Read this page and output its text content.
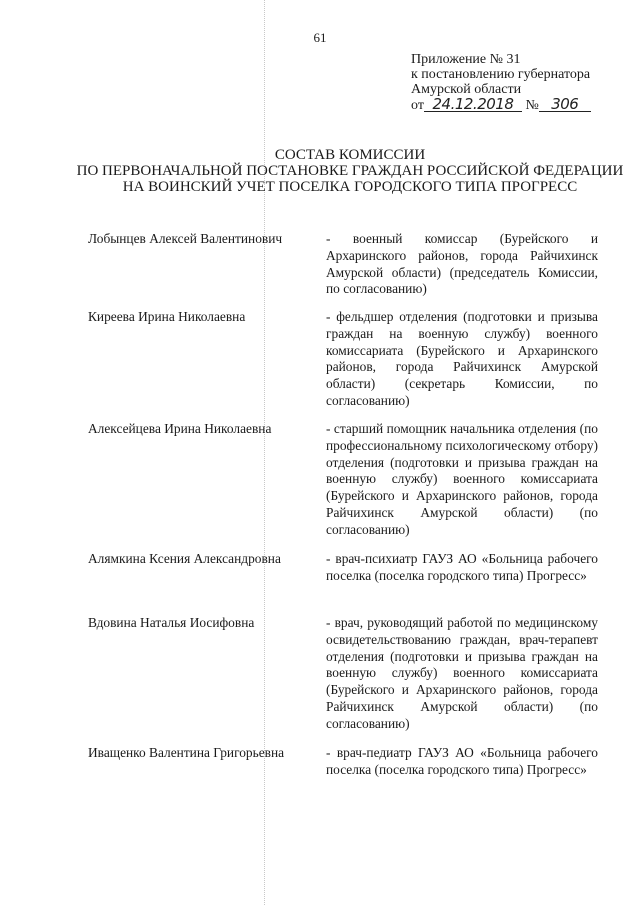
61
Приложение № 31
к постановлению губернатора
Амурской области
от 24.12.2018 № 306
СОСТАВ КОМИССИИ
ПО ПЕРВОНАЧАЛЬНОЙ ПОСТАНОВКЕ ГРАЖДАН РОССИЙСКОЙ ФЕДЕРАЦИИ
НА ВОИНСКИЙ УЧЕТ ПОСЕЛКА ГОРОДСКОГО ТИПА ПРОГРЕСС
Лобынцев Алексей Валентинович	- военный комиссар (Бурейского и Архаринского районов, города Райчихинск Амурской области) (председатель Комиссии, по согласованию)
Киреева Ирина Николаевна	- фельдшер отделения (подготовки и призыва граждан на военную службу) военного комиссариата (Бурейского и Архаринского районов, города Райчихинск Амурской области) (секретарь Комиссии, по согласованию)
Алексейцева Ирина Николаевна	- старший помощник начальника отделения (по профессиональному психологическому отбору) отделения (подготовки и призыва граждан на военную службу) военного комиссариата (Бурейского и Архаринского районов, города Райчихинск Амурской области) (по согласованию)
Алямкина Ксения Александровна	- врач-психиатр ГАУЗ АО «Больница рабочего поселка (поселка городского типа) Прогресс»
Вдовина Наталья Иосифовна	- врач, руководящий работой по медицинскому освидетельствованию граждан, врач-терапевт отделения (подготовки и призыва граждан на военную службу) военного комиссариата (Бурейского и Архаринского районов, города Райчихинск Амурской области) (по согласованию)
Иващенко Валентина Григорьевна	- врач-педиатр ГАУЗ АО «Больница рабочего поселка (поселка городского типа) Прогресс»
